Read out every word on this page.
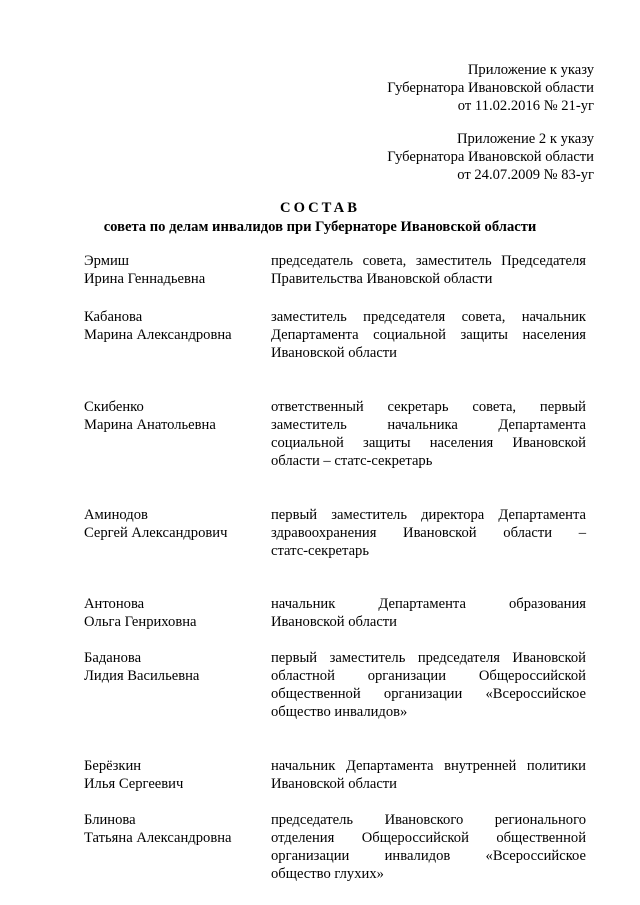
Приложение к указу
Губернатора Ивановской области
от 11.02.2016 № 21-уг
Приложение 2 к указу
Губернатора Ивановской области
от 24.07.2009 № 83-уг
СОСТАВ
совета по делам инвалидов при Губернаторе Ивановской области
Эрмиш
Ирина Геннадьевна
председатель совета, заместитель Председателя
Правительства Ивановской области
Кабанова
Марина Александровна
заместитель председателя совета, начальник
Департамента социальной защиты населения
Ивановской области
Скибенко
Марина Анатольевна
ответственный секретарь совета, первый
заместитель начальника Департамента
социальной защиты населения Ивановской
области – статс-секретарь
Аминодов
Сергей Александрович
первый заместитель директора Департамента
здравоохранения Ивановской области –
статс-секретарь
Антонова
Ольга Генриховна
начальник Департамента образования
Ивановской области
Баданова
Лидия Васильевна
первый заместитель председателя Ивановской
областной организации Общероссийской
общественной организации «Всероссийское
общество инвалидов»
Берёзкин
Илья Сергеевич
начальник Департамента внутренней политики
Ивановской области
Блинова
Татьяна Александровна
председатель Ивановского регионального
отделения Общероссийской общественной
организации инвалидов «Всероссийское
общество глухих»
